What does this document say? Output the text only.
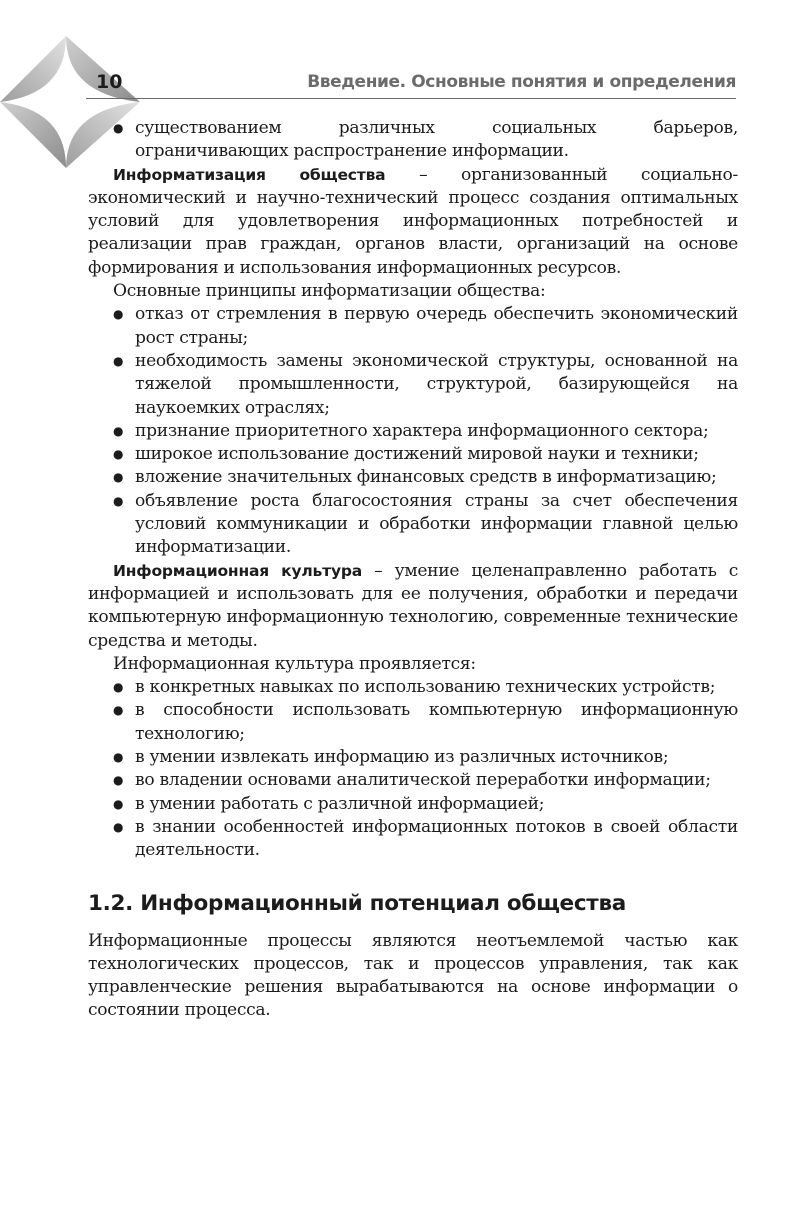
10	Введение. Основные понятия и определения
● существованием различных социальных барьеров, ограничивающих распространение информации.

Информатизация общества – организованный социально-экономический и научно-технический процесс создания оптимальных условий для удовлетворения информационных потребностей и реализации прав граждан, органов власти, организаций на основе формирования и использования информационных ресурсов.

Основные принципы информатизации общества:

● отказ от стремления в первую очередь обеспечить экономический рост страны;
● необходимость замены экономической структуры, основанной на тяжелой промышленности, структурой, базирующейся на наукоемких отраслях;
● признание приоритетного характера информационного сектора;
● широкое использование достижений мировой науки и техники;
● вложение значительных финансовых средств в информатизацию;
● объявление роста благосостояния страны за счет обеспечения условий коммуникации и обработки информации главной целью информатизации.

Информационная культура – умение целенаправленно работать с информацией и использовать для ее получения, обработки и передачи компьютерную информационную технологию, современные технические средства и методы.

Информационная культура проявляется:

● в конкретных навыках по использованию технических устройств;
● в способности использовать компьютерную информационную технологию;
● в умении извлекать информацию из различных источников;
● во владении основами аналитической переработки информации;
● в умении работать с различной информацией;
● в знании особенностей информационных потоков в своей области деятельности.
1.2. Информационный потенциал общества

Информационные процессы являются неотъемлемой частью как технологических процессов, так и процессов управления, так как управленческие решения вырабатываются на основе информации о состоянии процесса.
